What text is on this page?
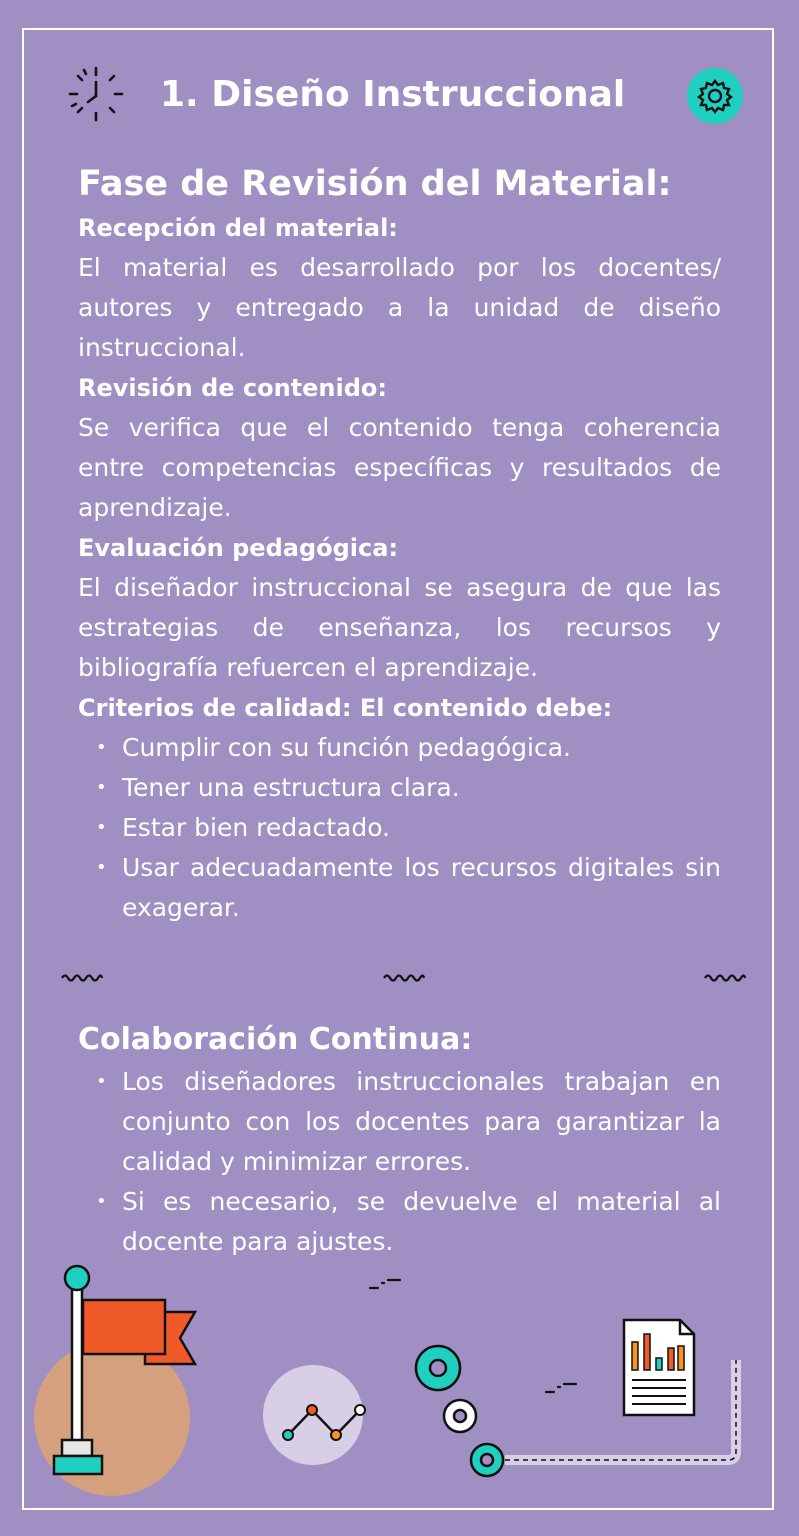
1. Diseño Instruccional
Fase de Revisión del Material:
Recepción del material:
El material es desarrollado por los docentes/ autores y entregado a la unidad de diseño instruccional.
Revisión de contenido:
Se verifica que el contenido tenga coherencia entre competencias específicas y resultados de aprendizaje.
Evaluación pedagógica:
El diseñador instruccional se asegura de que las estrategias de enseñanza, los recursos y bibliografía refuercen el aprendizaje.
Criterios de calidad: El contenido debe:
• Cumplir con su función pedagógica.
• Tener una estructura clara.
• Estar bien redactado.
• Usar adecuadamente los recursos digitales sin exagerar.
Colaboración Continua:
• Los diseñadores instruccionales trabajan en conjunto con los docentes para garantizar la calidad y minimizar errores.
• Si es necesario, se devuelve el material al docente para ajustes.
